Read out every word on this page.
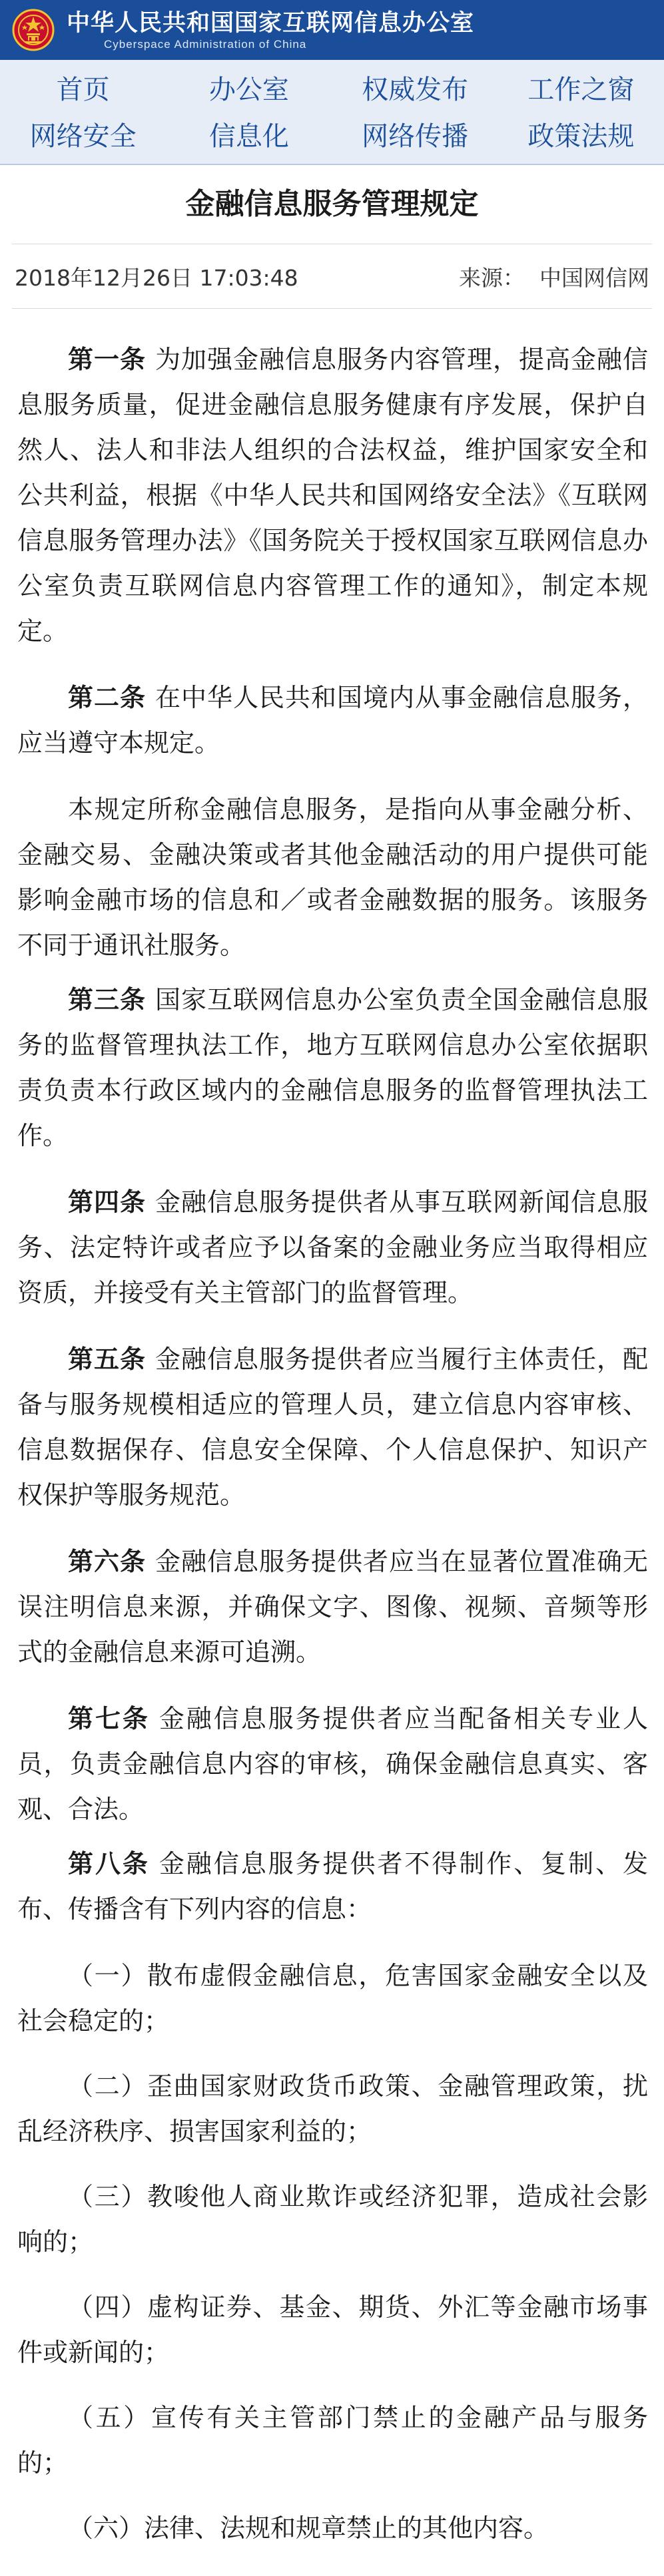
中华人民共和国国家互联网信息办公室
Cyberspace Administration of China
首页	办公室	权威发布	工作之窗
网络安全	信息化	网络传播	政策法规
金融信息服务管理规定
2018年12月26日 17:03:48	来源： 中国网信网

第一条 为加强金融信息服务内容管理，提高金融信息服务质量，促进金融信息服务健康有序发展，保护自然人、法人和非法人组织的合法权益，维护国家安全和公共利益，根据《中华人民共和国网络安全法》《互联网信息服务管理办法》《国务院关于授权国家互联网信息办公室负责互联网信息内容管理工作的通知》，制定本规定。

第二条 在中华人民共和国境内从事金融信息服务，应当遵守本规定。

本规定所称金融信息服务，是指向从事金融分析、金融交易、金融决策或者其他金融活动的用户提供可能影响金融市场的信息和／或者金融数据的服务。该服务不同于通讯社服务。

第三条 国家互联网信息办公室负责全国金融信息服务的监督管理执法工作，地方互联网信息办公室依据职责负责本行政区域内的金融信息服务的监督管理执法工作。

第四条 金融信息服务提供者从事互联网新闻信息服务、法定特许或者应予以备案的金融业务应当取得相应资质，并接受有关主管部门的监督管理。

第五条 金融信息服务提供者应当履行主体责任，配备与服务规模相适应的管理人员，建立信息内容审核、信息数据保存、信息安全保障、个人信息保护、知识产权保护等服务规范。

第六条 金融信息服务提供者应当在显著位置准确无误注明信息来源，并确保文字、图像、视频、音频等形式的金融信息来源可追溯。

第七条 金融信息服务提供者应当配备相关专业人员，负责金融信息内容的审核，确保金融信息真实、客观、合法。

第八条 金融信息服务提供者不得制作、复制、发布、传播含有下列内容的信息：

（一）散布虚假金融信息，危害国家金融安全以及社会稳定的；

（二）歪曲国家财政货币政策、金融管理政策，扰乱经济秩序、损害国家利益的；

（三）教唆他人商业欺诈或经济犯罪，造成社会影响的；

（四）虚构证券、基金、期货、外汇等金融市场事件或新闻的；

（五）宣传有关主管部门禁止的金融产品与服务的；

（六）法律、法规和规章禁止的其他内容。
